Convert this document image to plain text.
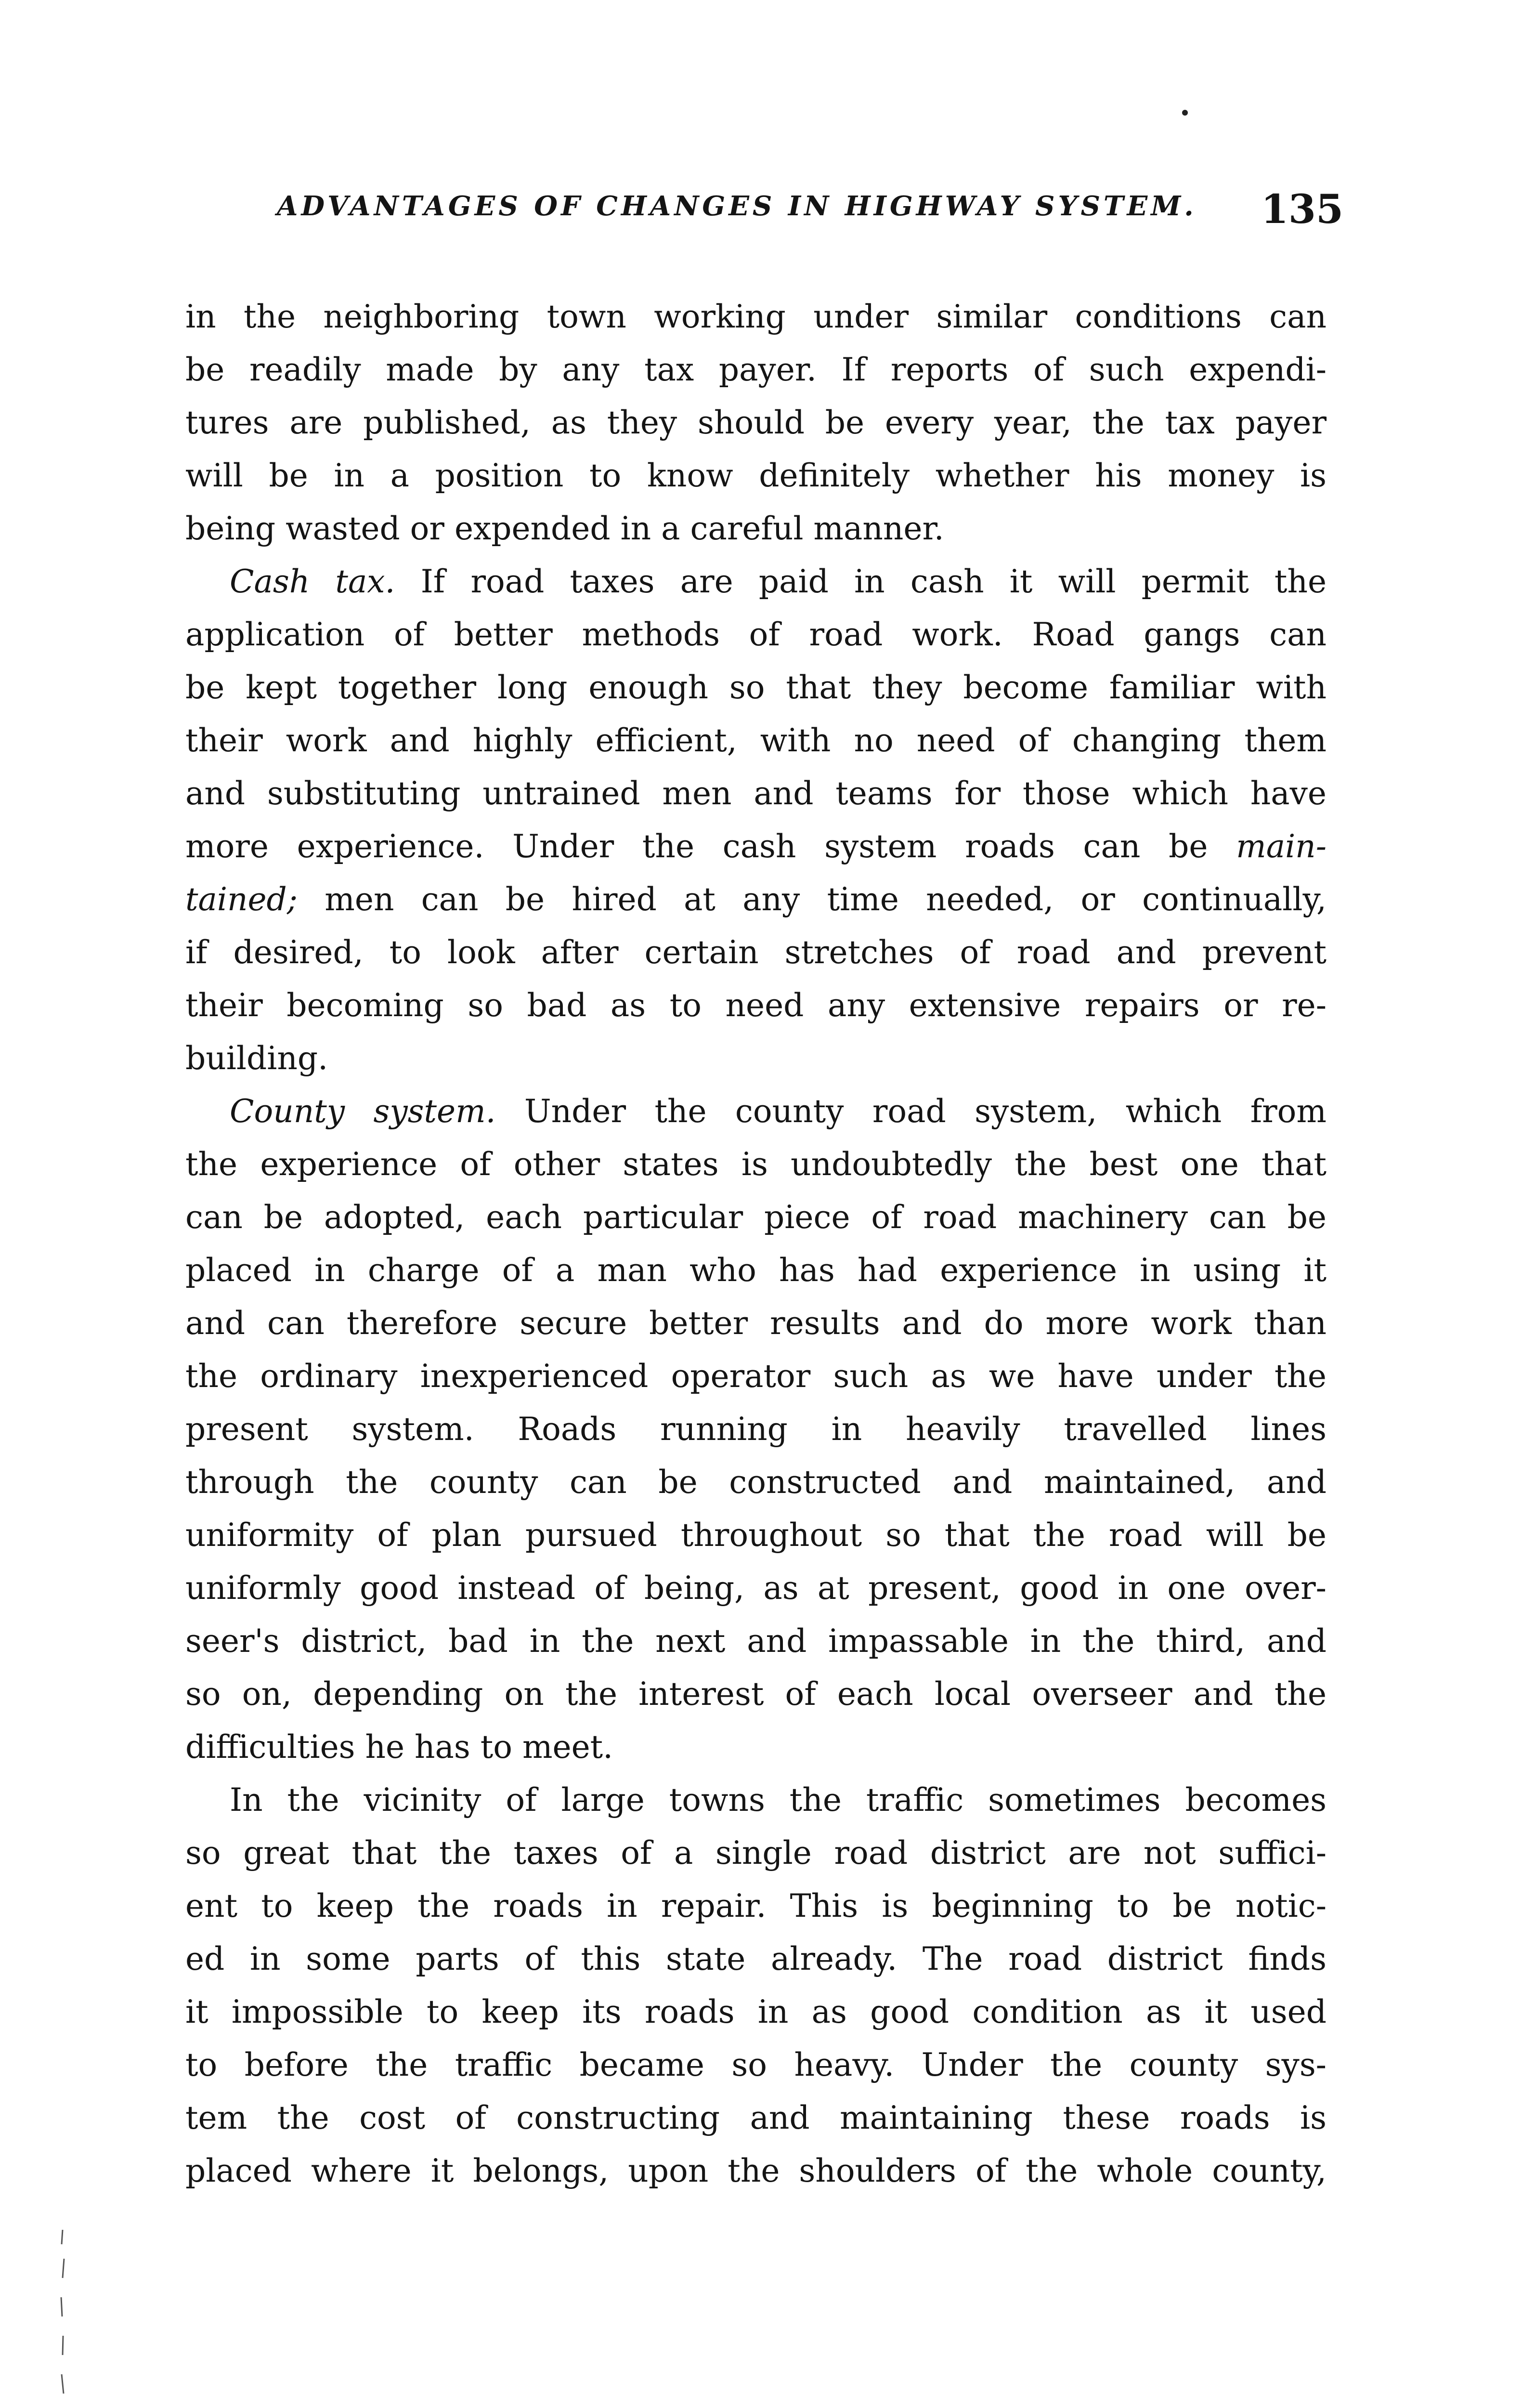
ADVANTAGES OF CHANGES IN HIGHWAY SYSTEM. 135
in the neighboring town working under similar conditions can
be readily made by any tax payer. If reports of such expendi-
tures are published, as they should be every year, the tax payer
will be in a position to know definitely whether his money is
being wasted or expended in a careful manner.
Cash tax. If road taxes are paid in cash it will permit the
application of better methods of road work. Road gangs can
be kept together long enough so that they become familiar with
their work and highly efficient, with no need of changing them
and substituting untrained men and teams for those which have
more experience. Under the cash system roads can be main-
tained; men can be hired at any time needed, or continually,
if desired, to look after certain stretches of road and prevent
their becoming so bad as to need any extensive repairs or re-
building.
County system. Under the county road system, which from
the experience of other states is undoubtedly the best one that
can be adopted, each particular piece of road machinery can be
placed in charge of a man who has had experience in using it
and can therefore secure better results and do more work than
the ordinary inexperienced operator such as we have under the
present system. Roads running in heavily travelled lines
through the county can be constructed and maintained, and
uniformity of plan pursued throughout so that the road will be
uniformly good instead of being, as at present, good in one over-
seer's district, bad in the next and impassable in the third, and
so on, depending on the interest of each local overseer and the
difficulties he has to meet.
In the vicinity of large towns the traffic sometimes becomes
so great that the taxes of a single road district are not suffici-
ent to keep the roads in repair. This is beginning to be notic-
ed in some parts of this state already. The road district finds
it impossible to keep its roads in as good condition as it used
to before the traffic became so heavy. Under the county sys-
tem the cost of constructing and maintaining these roads is
placed where it belongs, upon the shoulders of the whole county,
